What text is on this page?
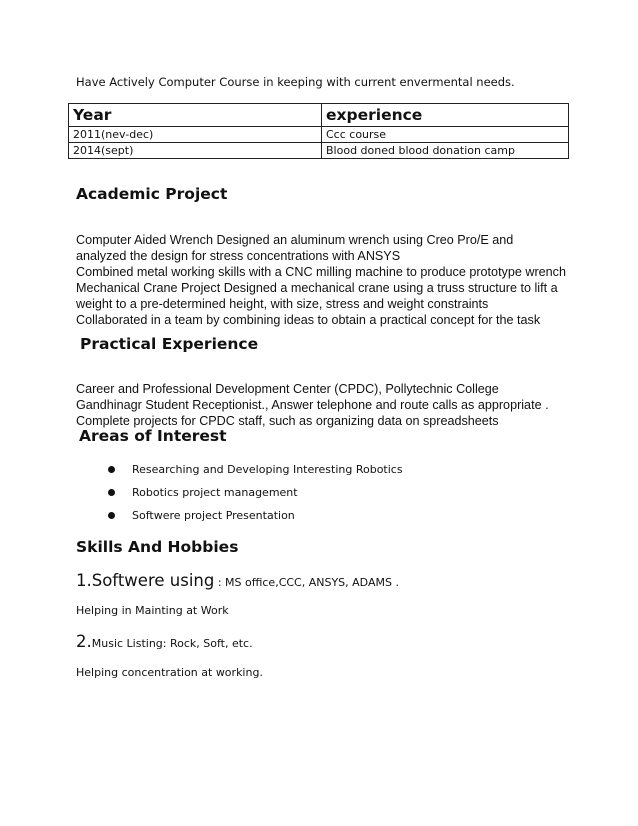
Have Actively Computer Course in keeping with current envermental needs.
Year	experience
2011(nev-dec)	Ccc course
2014(sept)	Blood doned blood donation camp
Academic Project

Computer Aided Wrench Designed an aluminum wrench using Creo Pro/E and

analyzed the design for stress concentrations with ANSYS

Combined metal working skills with a CNC milling machine to produce prototype wrench

Mechanical Crane Project Designed a mechanical crane using a truss structure to lift a

weight to a pre-determined height, with size, stress and weight constraints

Collaborated in a team by combining ideas to obtain a practical concept for the task

Practical Experience

Career and Professional Development Center (CPDC), Pollytechnic College

Gandhinagr Student Receptionist., Answer telephone and route calls as appropriate .

Complete projects for CPDC staff, such as organizing data on spreadsheets

Areas of Interest
Researching and Developing Interesting Robotics
Robotics project management
Softwere project Presentation
Skills And Hobbies
1.Softwere using : MS office,CCC, ANSYS, ADAMS .
Helping in Mainting at Work
2.Music Listing: Rock, Soft, etc.
Helping concentration at working.
